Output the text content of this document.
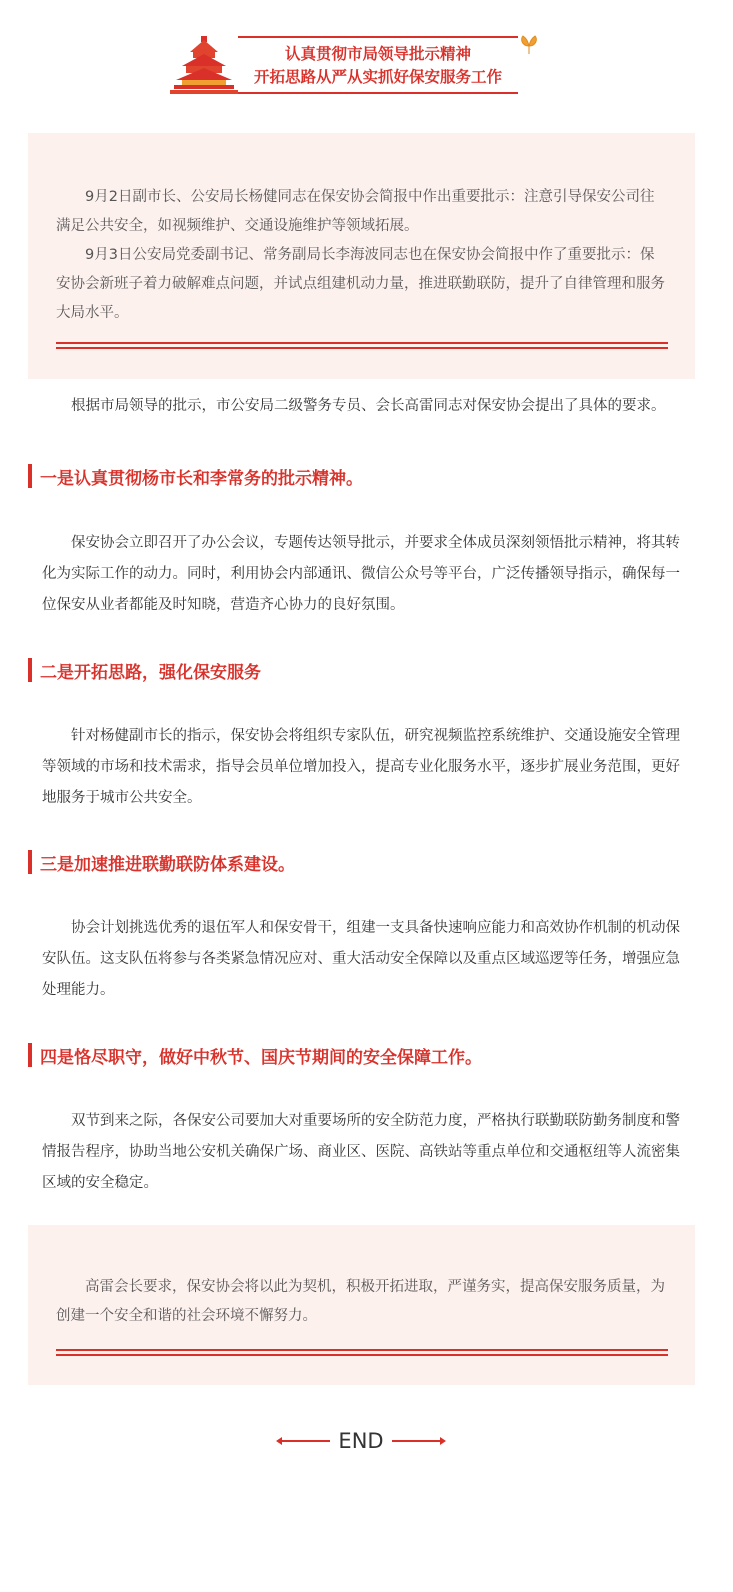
认真贯彻市局领导批示精神
开拓思路从严从实抓好保安服务工作

9月2日副市长、公安局长杨健同志在保安协会简报中作出重要批示：注意引导保安公司往满足公共安全，如视频维护、交通设施维护等领域拓展。

9月3日公安局党委副书记、常务副局长李海波同志也在保安协会简报中作了重要批示：保安协会新班子着力破解难点问题，并试点组建机动力量，推进联勤联防，提升了自律管理和服务大局水平。

根据市局领导的批示，市公安局二级警务专员、会长高雷同志对保安协会提出了具体的要求。

一是认真贯彻杨市长和李常务的批示精神。

保安协会立即召开了办公会议，专题传达领导批示，并要求全体成员深刻领悟批示精神，将其转化为实际工作的动力。同时，利用协会内部通讯、微信公众号等平台，广泛传播领导指示，确保每一位保安从业者都能及时知晓，营造齐心协力的良好氛围。

二是开拓思路，强化保安服务

针对杨健副市长的指示，保安协会将组织专家队伍，研究视频监控系统维护、交通设施安全管理等领域的市场和技术需求，指导会员单位增加投入，提高专业化服务水平，逐步扩展业务范围，更好地服务于城市公共安全。

三是加速推进联勤联防体系建设。

协会计划挑选优秀的退伍军人和保安骨干，组建一支具备快速响应能力和高效协作机制的机动保安队伍。这支队伍将参与各类紧急情况应对、重大活动安全保障以及重点区域巡逻等任务，增强应急处理能力。

四是恪尽职守，做好中秋节、国庆节期间的安全保障工作。

双节到来之际，各保安公司要加大对重要场所的安全防范力度，严格执行联勤联防勤务制度和警情报告程序，协助当地公安机关确保广场、商业区、医院、高铁站等重点单位和交通枢纽等人流密集区域的安全稳定。

高雷会长要求，保安协会将以此为契机，积极开拓进取，严谨务实，提高保安服务质量，为创建一个安全和谐的社会环境不懈努力。

END
